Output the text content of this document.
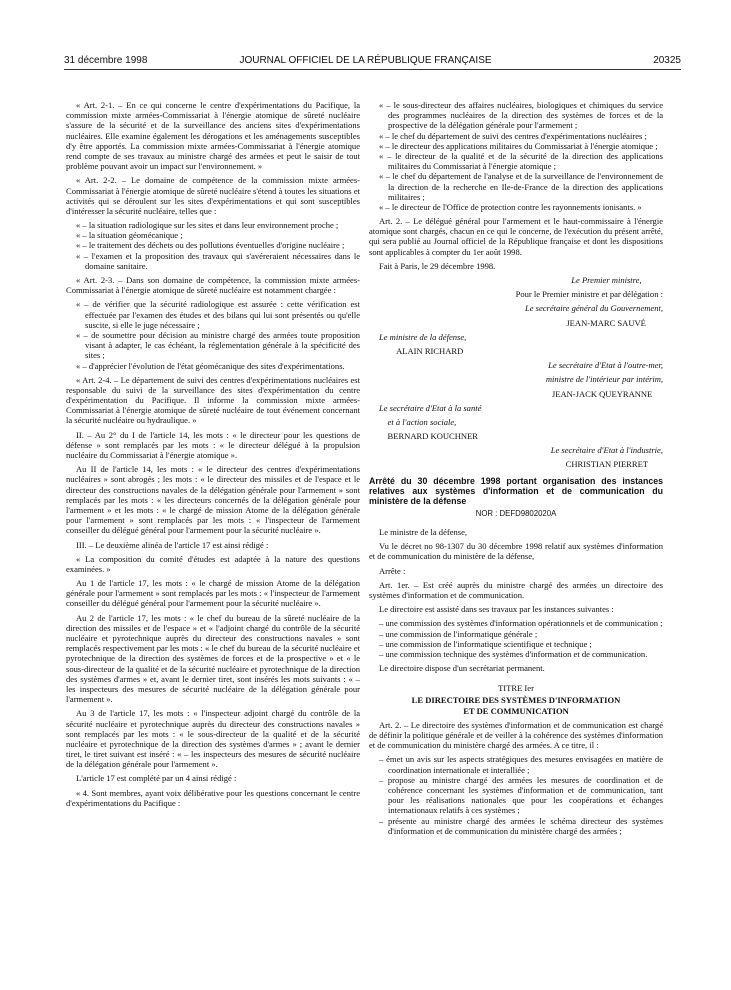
31 décembre 1998	JOURNAL OFFICIEL DE LA RÉPUBLIQUE FRANÇAISE	20325

« Art. 2-1. – En ce qui concerne le centre d'expérimentations du Pacifique, la commission mixte armées-Commissariat à l'énergie atomique de sûreté nucléaire s'assure de la sécurité et de la surveillance des anciens sites d'expérimentations nucléaires. Elle examine également les dérogations et les aménagements susceptibles d'y être apportés. La commission mixte armées-Commissariat à l'énergie atomique rend compte de ses travaux au ministre chargé des armées et peut le saisir de tout problème pouvant avoir un impact sur l'environnement. »

« Art. 2-2. – Le domaine de compétence de la commission mixte armées-Commissariat à l'énergie atomique de sûreté nucléaire s'étend à toutes les situations et activités qui se déroulent sur les sites d'expérimentations et qui sont susceptibles d'intéresser la sécurité nucléaire, telles que :

« – la situation radiologique sur les sites et dans leur environnement proche ;
« – la situation géomécanique ;
« – le traitement des déchets ou des pollutions éventuelles d'origine nucléaire ;
« – l'examen et la proposition des travaux qui s'avéreraient nécessaires dans le domaine sanitaire.

« Art. 2-3. – Dans son domaine de compétence, la commission mixte armées-Commissariat à l'énergie atomique de sûreté nucléaire est notamment chargée :

« – de vérifier que la sécurité radiologique est assurée : cette vérification est effectuée par l'examen des études et des bilans qui lui sont présentés ou qu'elle suscite, si elle le juge nécessaire ;
« – de soumettre pour décision au ministre chargé des armées toute proposition visant à adapter, le cas échéant, la réglementation générale à la spécificité des sites ;
« – d'apprécier l'évolution de l'état géomécanique des sites d'expérimentations.

« Art. 2-4. – Le département de suivi des centres d'expérimentations nucléaires est responsable du suivi de la surveillance des sites d'expérimentation du centre d'expérimentation du Pacifique. Il informe la commission mixte armées-Commissariat à l'énergie atomique de sûreté nucléaire de tout événement concernant la sécurité nucléaire ou hydraulique. »

II. – Au 2° du I de l'article 14, les mots : « le directeur pour les questions de défense » sont remplacés par les mots : « le directeur délégué à la propulsion nucléaire du Commissariat à l'énergie atomique ».

Au II de l'article 14, les mots : « le directeur des centres d'expérimentations nucléaires » sont abrogés ; les mots : « le directeur des missiles et de l'espace et le directeur des constructions navales de la délégation générale pour l'armement » sont remplacés par les mots : « les directeurs concernés de la délégation générale pour l'armement » et les mots : « le chargé de mission Atome de la délégation générale pour l'armement » sont remplacés par les mots : « l'inspecteur de l'armement conseiller du délégué général pour l'armement pour la sécurité nucléaire ».

III. – Le deuxième alinéa de l'article 17 est ainsi rédigé :

« La composition du comité d'études est adaptée à la nature des questions examinées. »

Au 1 de l'article 17, les mots : « le chargé de mission Atome de la délégation générale pour l'armement » sont remplacés par les mots : « l'inspecteur de l'armement conseiller du délégué général pour l'armement pour la sécurité nucléaire ».

Au 2 de l'article 17, les mots : « le chef du bureau de la sûreté nucléaire de la direction des missiles et de l'espace » et « l'adjoint chargé du contrôle de la sécurité nucléaire et pyrotechnique auprès du directeur des constructions navales » sont remplacés respectivement par les mots : « le chef du bureau de la sécurité nucléaire et pyrotechnique de la direction des systèmes de forces et de la prospective » et « le sous-directeur de la qualité et de la sécurité nucléaire et pyrotechnique de la direction des systèmes d'armes » et, avant le dernier tiret, sont insérés les mots suivants : « – les inspecteurs des mesures de sécurité nucléaire de la délégation générale pour l'armement ».

Au 3 de l'article 17, les mots : « l'inspecteur adjoint chargé du contrôle de la sécurité nucléaire et pyrotechnique auprès du directeur des constructions navales » sont remplacés par les mots : « le sous-directeur de la qualité et de la sécurité nucléaire et pyrotechnique de la direction des systèmes d'armes » ; avant le dernier tiret, le tiret suivant est inséré : « – les inspecteurs des mesures de sécurité nucléaire de la délégation générale pour l'armement ».

L'article 17 est complété par un 4 ainsi rédigé :

« 4. Sont membres, ayant voix délibérative pour les questions concernant le centre d'expérimentations du Pacifique :

« – le sous-directeur des affaires nucléaires, biologiques et chimiques du service des programmes nucléaires de la direction des systèmes de forces et de la prospective de la délégation générale pour l'armement ;
« – le chef du département de suivi des centres d'expérimentations nucléaires ;
« – le directeur des applications militaires du Commissariat à l'énergie atomique ;
« – le directeur de la qualité et de la sécurité de la direction des applications militaires du Commissariat à l'énergie atomique ;
« – le chef du département de l'analyse et de la surveillance de l'environnement de la direction de la recherche en Ile-de-France de la direction des applications militaires ;
« – le directeur de l'Office de protection contre les rayonnements ionisants. »

Art. 2. – Le délégué général pour l'armement et le haut-commissaire à l'énergie atomique sont chargés, chacun en ce qui le concerne, de l'exécution du présent arrêté, qui sera publié au Journal officiel de la République française et dont les dispositions sont applicables à compter du 1er août 1998.

Fait à Paris, le 29 décembre 1998.

Le Premier ministre,

Pour le Premier ministre et par délégation :

Le secrétaire général du Gouvernement,

JEAN-MARC SAUVÉ

Le ministre de la défense,

ALAIN RICHARD

Le secrétaire d'Etat à l'outre-mer,

ministre de l'intérieur par intérim,

JEAN-JACK QUEYRANNE

Le secrétaire d'Etat à la santé

et à l'action sociale,

BERNARD KOUCHNER

Le secrétaire d'Etat à l'industrie,

CHRISTIAN PIERRET

Arrêté du 30 décembre 1998 portant organisation des instances relatives aux systèmes d'information et de communication du ministère de la défense
NOR : DEFD9802020A

Le ministre de la défense,

Vu le décret no 98-1307 du 30 décembre 1998 relatif aux systèmes d'information et de communication du ministère de la défense,

Arrête :

Art. 1er. – Est créé auprès du ministre chargé des armées un directoire des systèmes d'information et de communication.

Le directoire est assisté dans ses travaux par les instances suivantes :

– une commission des systèmes d'information opérationnels et de communication ;
– une commission de l'informatique générale ;
– une commission de l'informatique scientifique et technique ;
– une commission technique des systèmes d'information et de communication.

Le directoire dispose d'un secrétariat permanent.

TITRE Ier
LE DIRECTOIRE DES SYSTÈMES D'INFORMATION
ET DE COMMUNICATION

Art. 2. – Le directoire des systèmes d'information et de communication est chargé de définir la politique générale et de veiller à la cohérence des systèmes d'information et de communication du ministère chargé des armées. A ce titre, il :

– émet un avis sur les aspects stratégiques des mesures envisagées en matière de coordination internationale et interalliée ;
– propose au ministre chargé des armées les mesures de coordination et de cohérence concernant les systèmes d'information et de communication, tant pour les réalisations nationales que pour les coopérations et échanges internationaux relatifs à ces systèmes ;
– présente au ministre chargé des armées le schéma directeur des systèmes d'information et de communication du ministère chargé des armées ;
